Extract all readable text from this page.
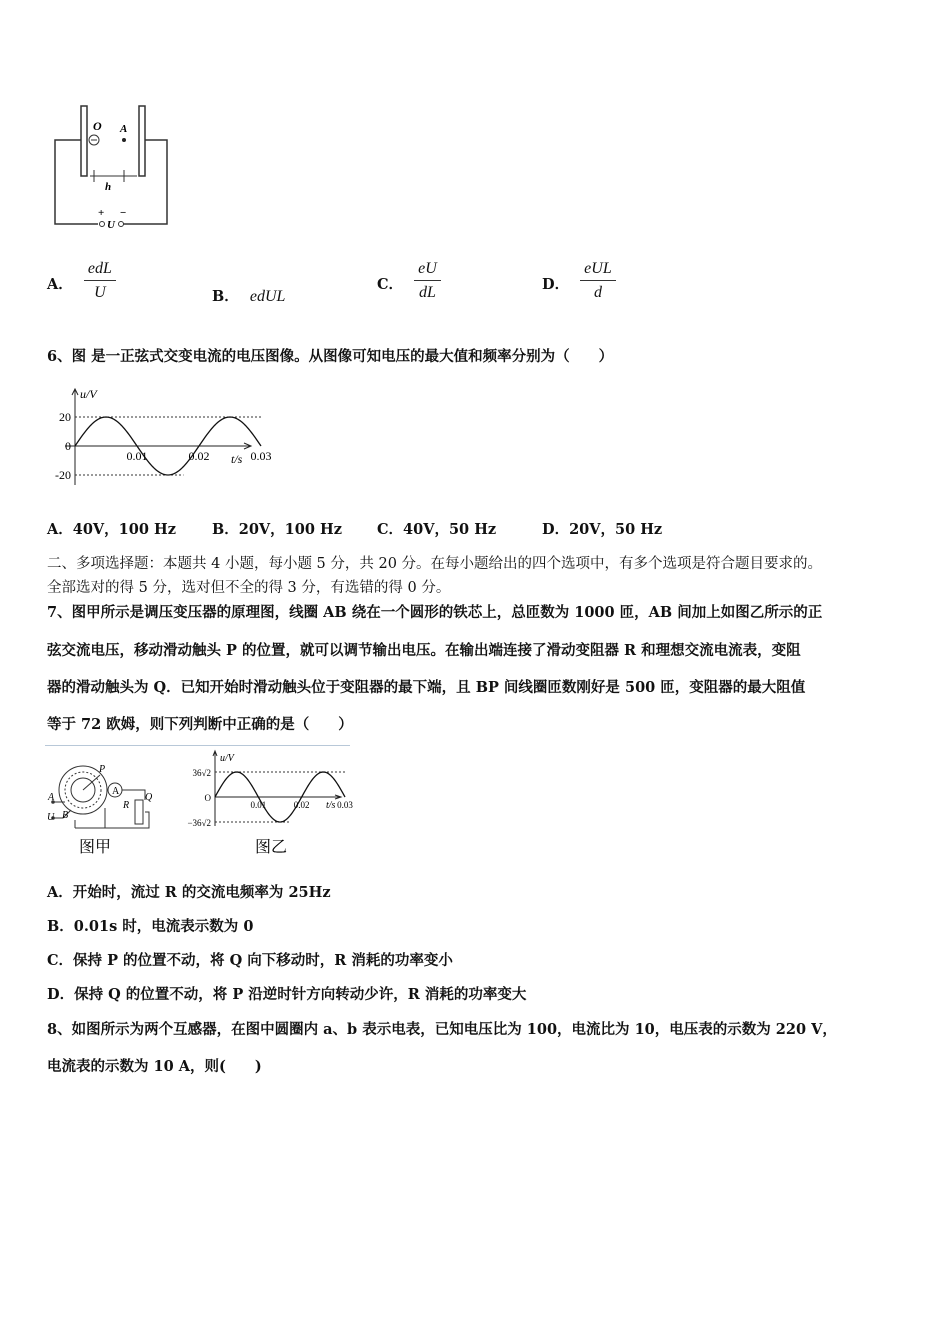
O A
h
+ −
U
A． $\frac{\text{edL}}{U}$	B． edUL
C． $\frac{eU}{dL}$	D． $\frac{\text{eUL}}{d}$
6、图 是一正弦式交变电流的电压图像。从图像可知电压的最大值和频率分别为（　　）
u/V
t/s
20
0
-20
0.01	0.02	0.03
A．40V，100 Hz B．20V，100 Hz C．40V，50 Hz	D．20V，50 Hz
二、多项选择题：本题共 4 小题，每小题 5 分，共 20 分。在每小题给出的四个选项中，有多个选项是符合题目要求的。
全部选对的得 5 分，选对但不全的得 3 分，有选错的得 0 分。
7、图甲所示是调压变压器的原理图，线圈 AB 绕在一个圆形的铁芯上，总匝数为 1000 匝，AB 间加上如图乙所示的正
弦交流电压，移动滑动触头 P 的位置，就可以调节输出电压。在输出端连接了滑动变阻器 R 和理想交流电流表，变阻
器的滑动触头为 Q．已知开始时滑动触头位于变阻器的最下端，且 BP 间线圈匝数刚好是 500 匝，变阻器的最大阻值
等于 72 欧姆，则下列判断中正确的是（　　）
A
B
U
P
A
R
Q
图甲
u/V
t/s
36√2
O
−36√2
0.01	0.02	0.03
图乙
A．开始时，流过 R 的交流电频率为 25Hz
B．0.01s 时，电流表示数为 0
C．保持 P 的位置不动，将 Q 向下移动时，R 消耗的功率变小
D．保持 Q 的位置不动，将 P 沿逆时针方向转动少许，R 消耗的功率变大
8、如图所示为两个互感器，在图中圆圈内 a、b 表示电表，已知电压比为 100，电流比为 10，电压表的示数为 220 V，
电流表的示数为 10 A，则(　　)
